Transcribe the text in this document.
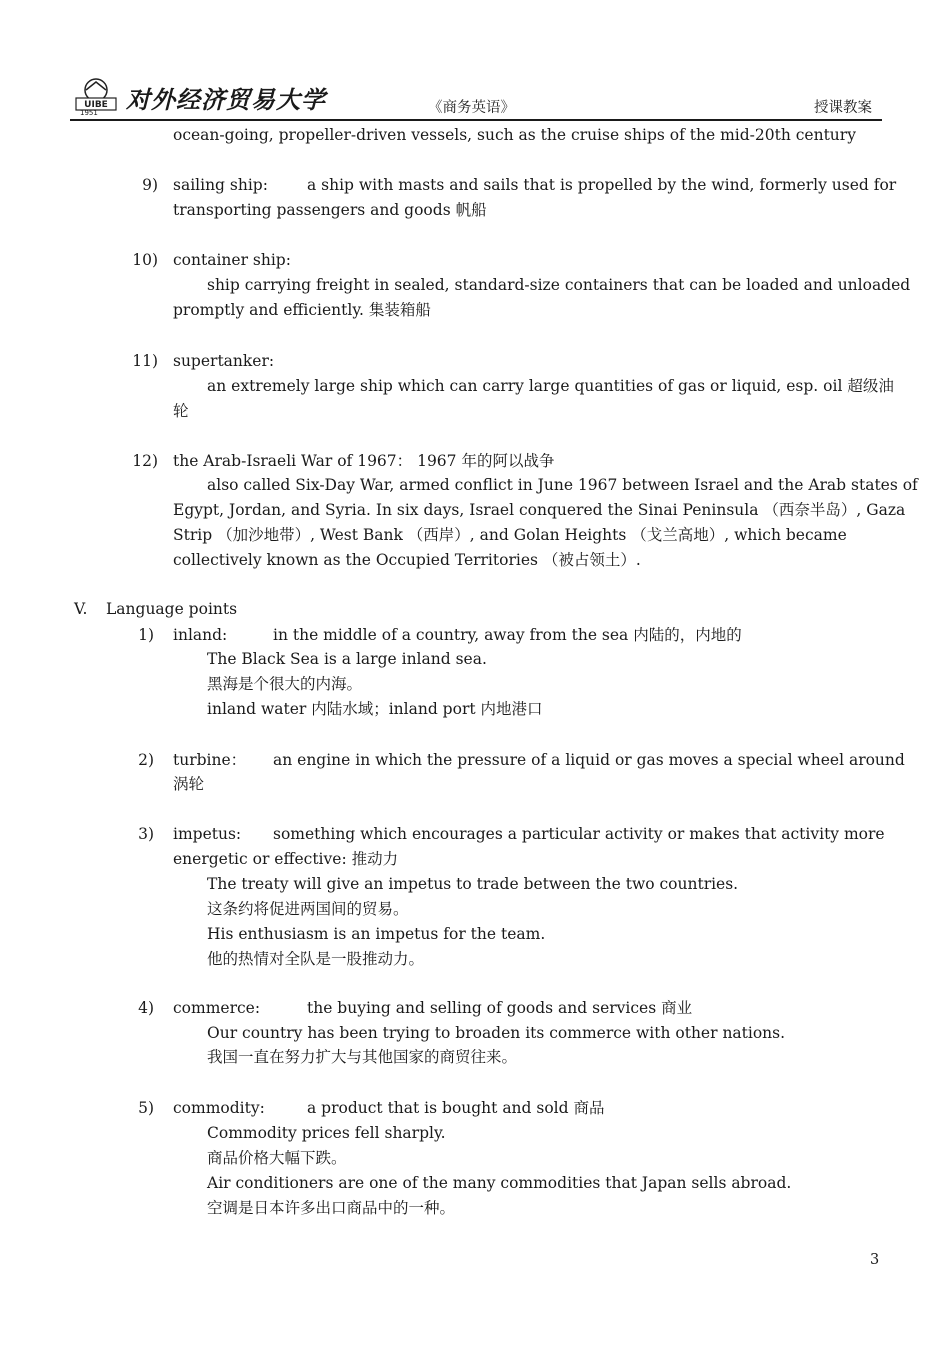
UIBE
1951 对外经济贸易大学	《商务英语》	授课教案
ocean-going, propeller-driven vessels, such as the cruise ships of the mid-20th century
9) sailing ship:	a ship with masts and sails that is propelled by the wind, formerly used for
transporting passengers and goods 帆船
10) container ship:
ship carrying freight in sealed, standard-size containers that can be loaded and unloaded
promptly and efficiently. 集装箱船
11) supertanker:
an extremely large ship which can carry large quantities of gas or liquid, esp. oil 超级油
轮
12) the Arab-Israeli War of 1967： 1967 年的阿以战争
also called Six-Day War, armed conflict in June 1967 between Israel and the Arab states of
Egypt, Jordan, and Syria. In six days, Israel conquered the Sinai Peninsula （西奈半岛）, Gaza
Strip （加沙地带）, West Bank （西岸）, and Golan Heights （戈兰高地）, which became
collectively known as the Occupied Territories （被占领土）.
V. Language points
1) inland:	in the middle of a country, away from the sea 内陆的，内地的
The Black Sea is a large inland sea.
黑海是个很大的内海。
inland water 内陆水域；inland port 内地港口
2) turbine： an engine in which the pressure of a liquid or gas moves a special wheel around
涡轮
3) impetus: something which encourages a particular activity or makes that activity more
energetic or effective: 推动力
The treaty will give an impetus to trade between the two countries.
这条约将促进两国间的贸易。
His enthusiasm is an impetus for the team.
他的热情对全队是一股推动力。
4) commerce:	the buying and selling of goods and services 商业
Our country has been trying to broaden its commerce with other nations.
我国一直在努力扩大与其他国家的商贸往来。
5) commodity:	a product that is bought and sold 商品
Commodity prices fell sharply.
商品价格大幅下跌。
Air conditioners are one of the many commodities that Japan sells abroad.
空调是日本许多出口商品中的一种。
3
